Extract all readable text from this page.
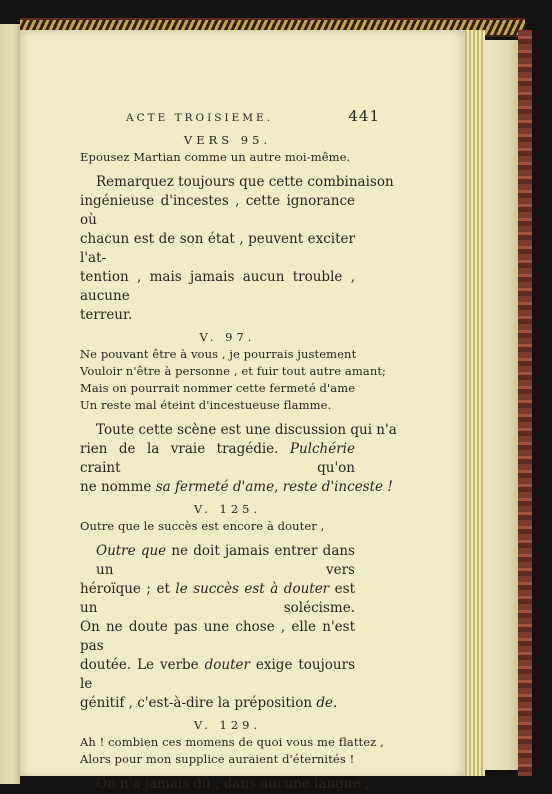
ACTE TROISIEME.	441
VERS 95.
Epousez Martian comme un autre moi-même.
Remarquez toujours que cette combinaison
ingénieuse d'incestes , cette ignorance où
chacun est de son état , peuvent exciter l'at-
tention , mais jamais aucun trouble , aucune
terreur.
V. 97.
Ne pouvant être à vous , je pourrais justement
Vouloir n'être à personne , et fuir tout autre amant;
Mais on pourrait nommer cette fermeté d'ame
Un reste mal éteint d'incestueuse flamme.
Toute cette scène est une discussion qui n'a
rien de la vraie tragédie. Pulchérie craint qu'on
ne nomme sa fermeté d'ame, reste d'inceste !
V. 125.
Outre que le succès est encore à douter ,
Outre que ne doit jamais entrer dans un vers
héroïque ; et le succès est à douter est un solécisme.
On ne doute pas une chose , elle n'est pas
doutée. Le verbe douter exige toujours le
génitif , c'est-à-dire la préposition de.
V. 129.
Ah ! combien ces momens de quoi vous me flattez ,
Alors pour mon supplice auraient d'éternités !
On n'a jamais dû , dans aucune langue ,
